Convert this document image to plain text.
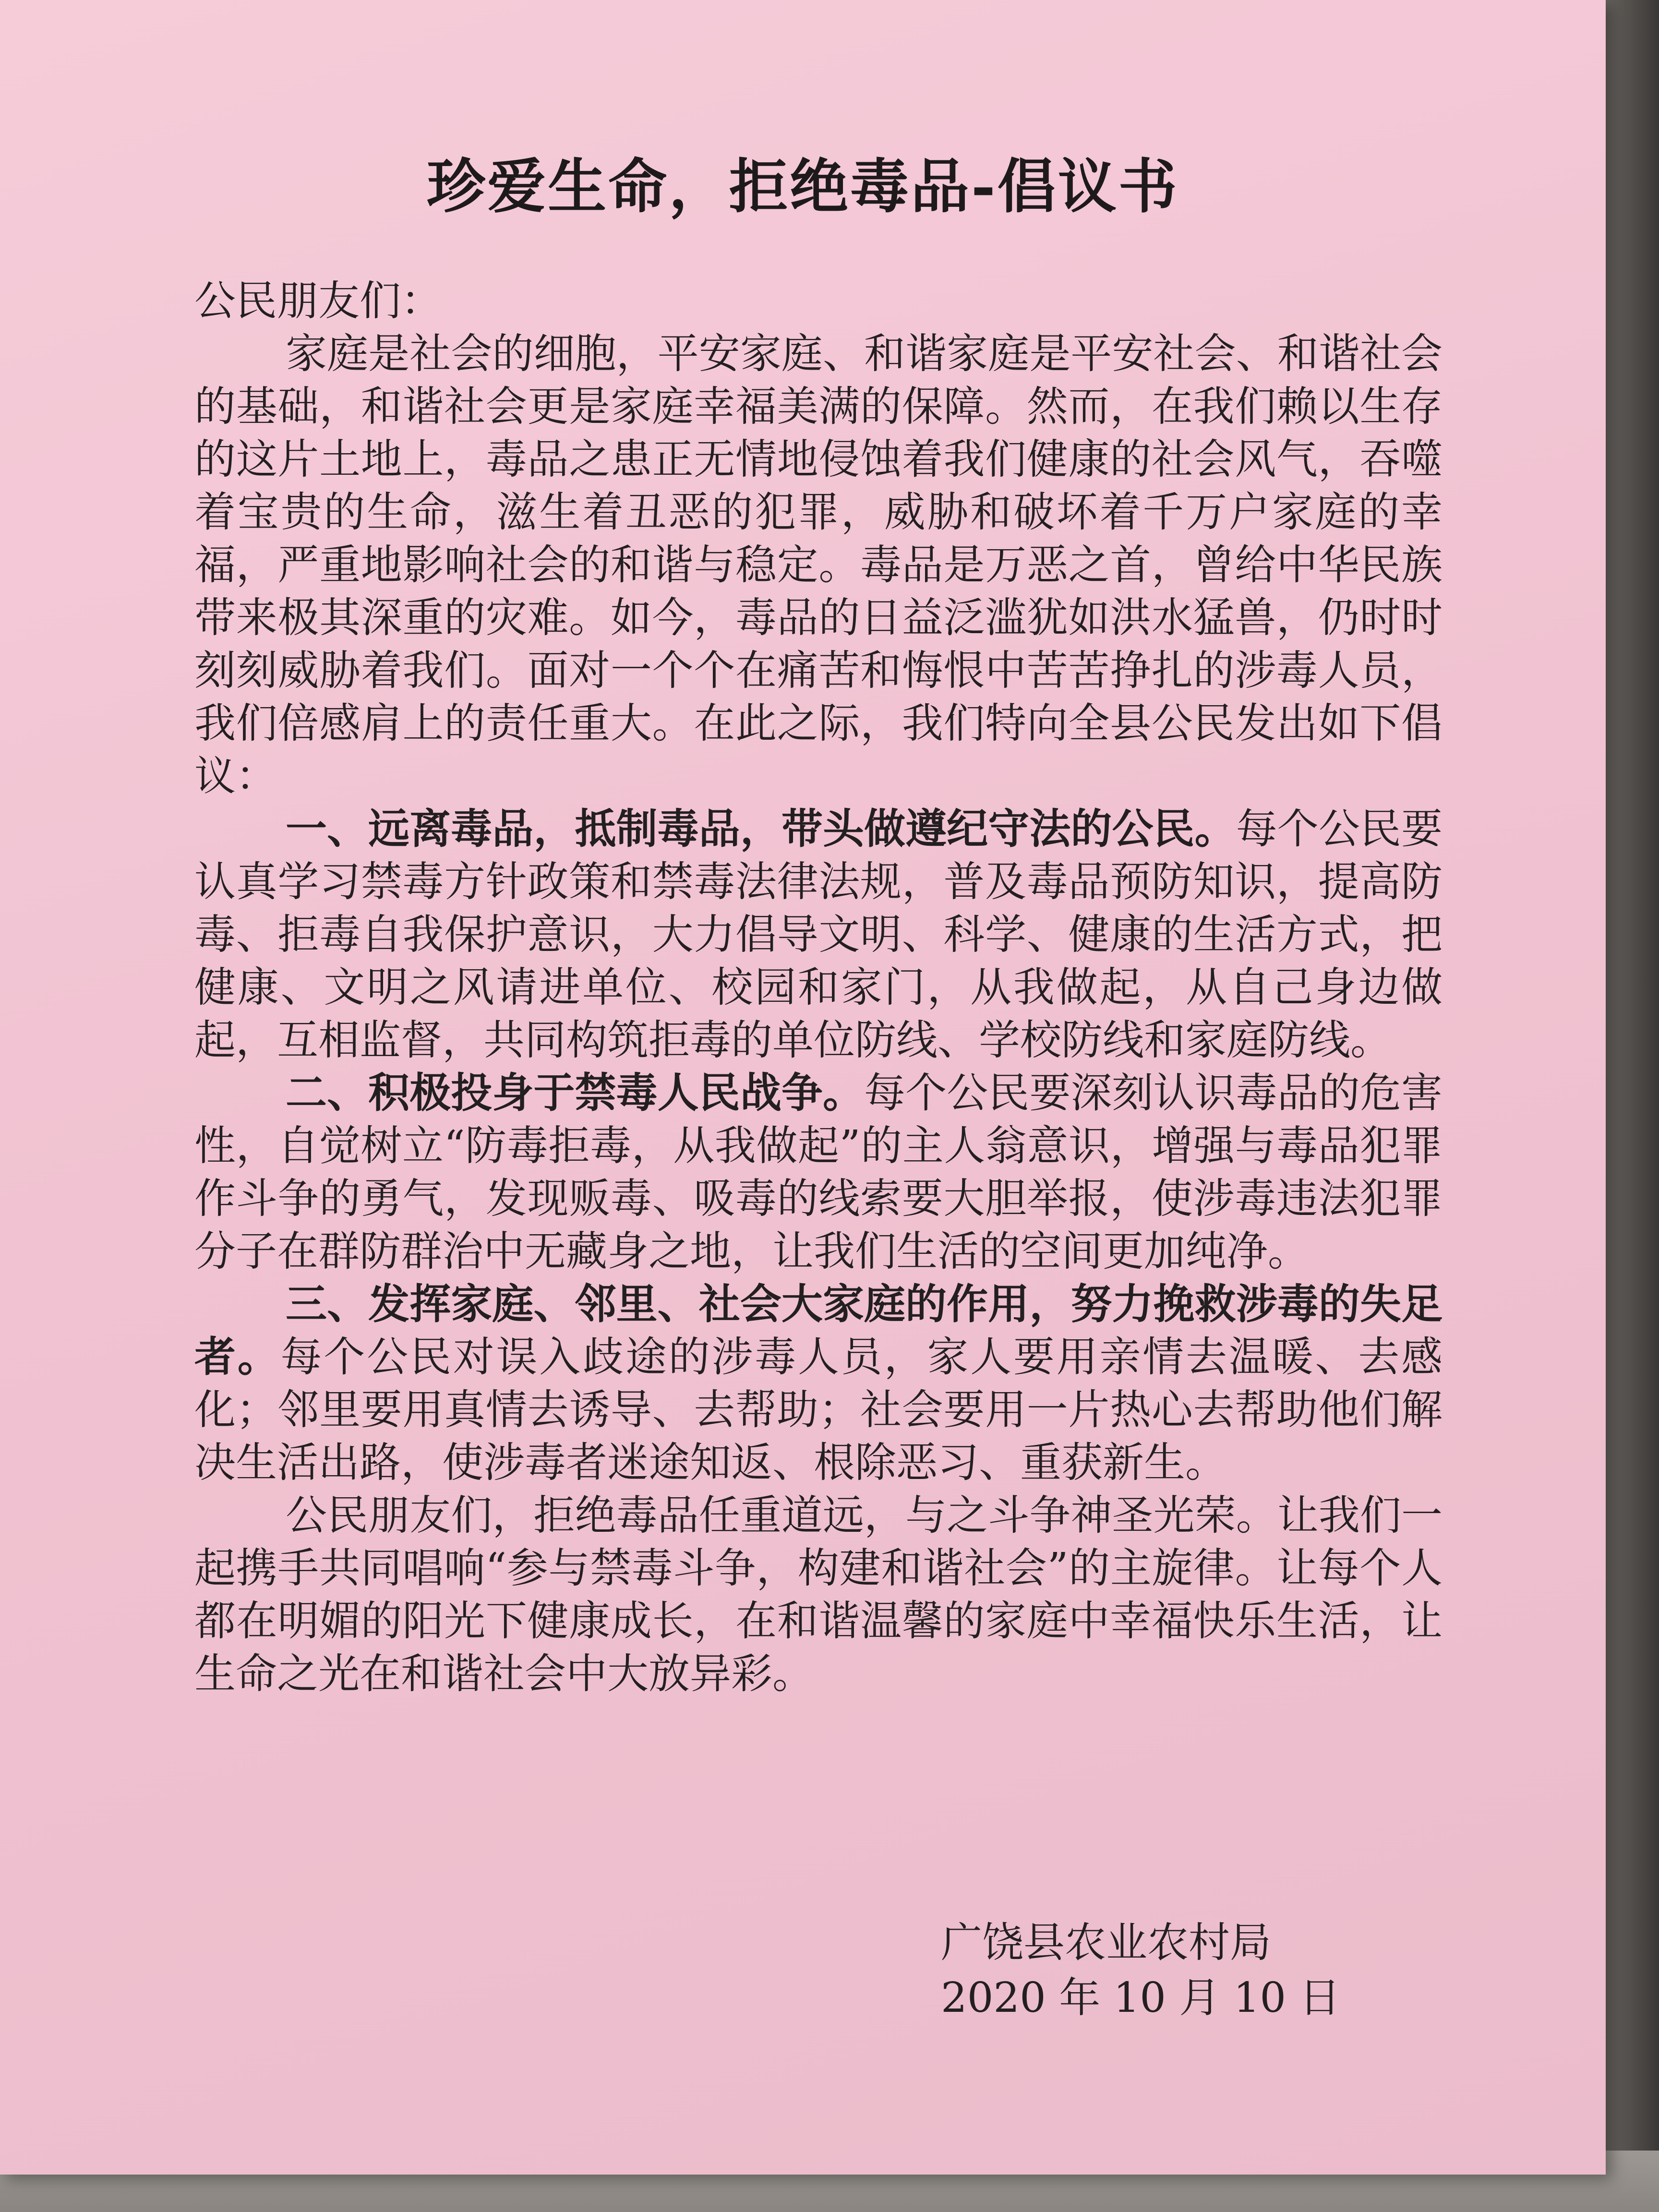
珍爱生命，拒绝毒品-倡议书

公民朋友们：

家庭是社会的细胞，平安家庭、和谐家庭是平安社会、和谐社会的基础，和谐社会更是家庭幸福美满的保障。然而，在我们赖以生存的这片土地上，毒品之患正无情地侵蚀着我们健康的社会风气，吞噬着宝贵的生命，滋生着丑恶的犯罪，威胁和破坏着千万户家庭的幸福，严重地影响社会的和谐与稳定。毒品是万恶之首，曾给中华民族带来极其深重的灾难。如今，毒品的日益泛滥犹如洪水猛兽，仍时时刻刻威胁着我们。面对一个个在痛苦和悔恨中苦苦挣扎的涉毒人员，我们倍感肩上的责任重大。在此之际，我们特向全县公民发出如下倡议：

一、远离毒品，抵制毒品，带头做遵纪守法的公民。每个公民要认真学习禁毒方针政策和禁毒法律法规，普及毒品预防知识，提高防毒、拒毒自我保护意识，大力倡导文明、科学、健康的生活方式，把健康、文明之风请进单位、校园和家门，从我做起，从自己身边做起，互相监督，共同构筑拒毒的单位防线、学校防线和家庭防线。

二、积极投身于禁毒人民战争。每个公民要深刻认识毒品的危害性，自觉树立“防毒拒毒，从我做起”的主人翁意识，增强与毒品犯罪作斗争的勇气，发现贩毒、吸毒的线索要大胆举报，使涉毒违法犯罪分子在群防群治中无藏身之地，让我们生活的空间更加纯净。

三、发挥家庭、邻里、社会大家庭的作用，努力挽救涉毒的失足者。每个公民对误入歧途的涉毒人员，家人要用亲情去温暖、去感化；邻里要用真情去诱导、去帮助；社会要用一片热心去帮助他们解决生活出路，使涉毒者迷途知返、根除恶习、重获新生。

公民朋友们，拒绝毒品任重道远，与之斗争神圣光荣。让我们一起携手共同唱响“参与禁毒斗争，构建和谐社会”的主旋律。让每个人都在明媚的阳光下健康成长，在和谐温馨的家庭中幸福快乐生活，让生命之光在和谐社会中大放异彩。

广饶县农业农村局
2020 年 10 月 10 日
